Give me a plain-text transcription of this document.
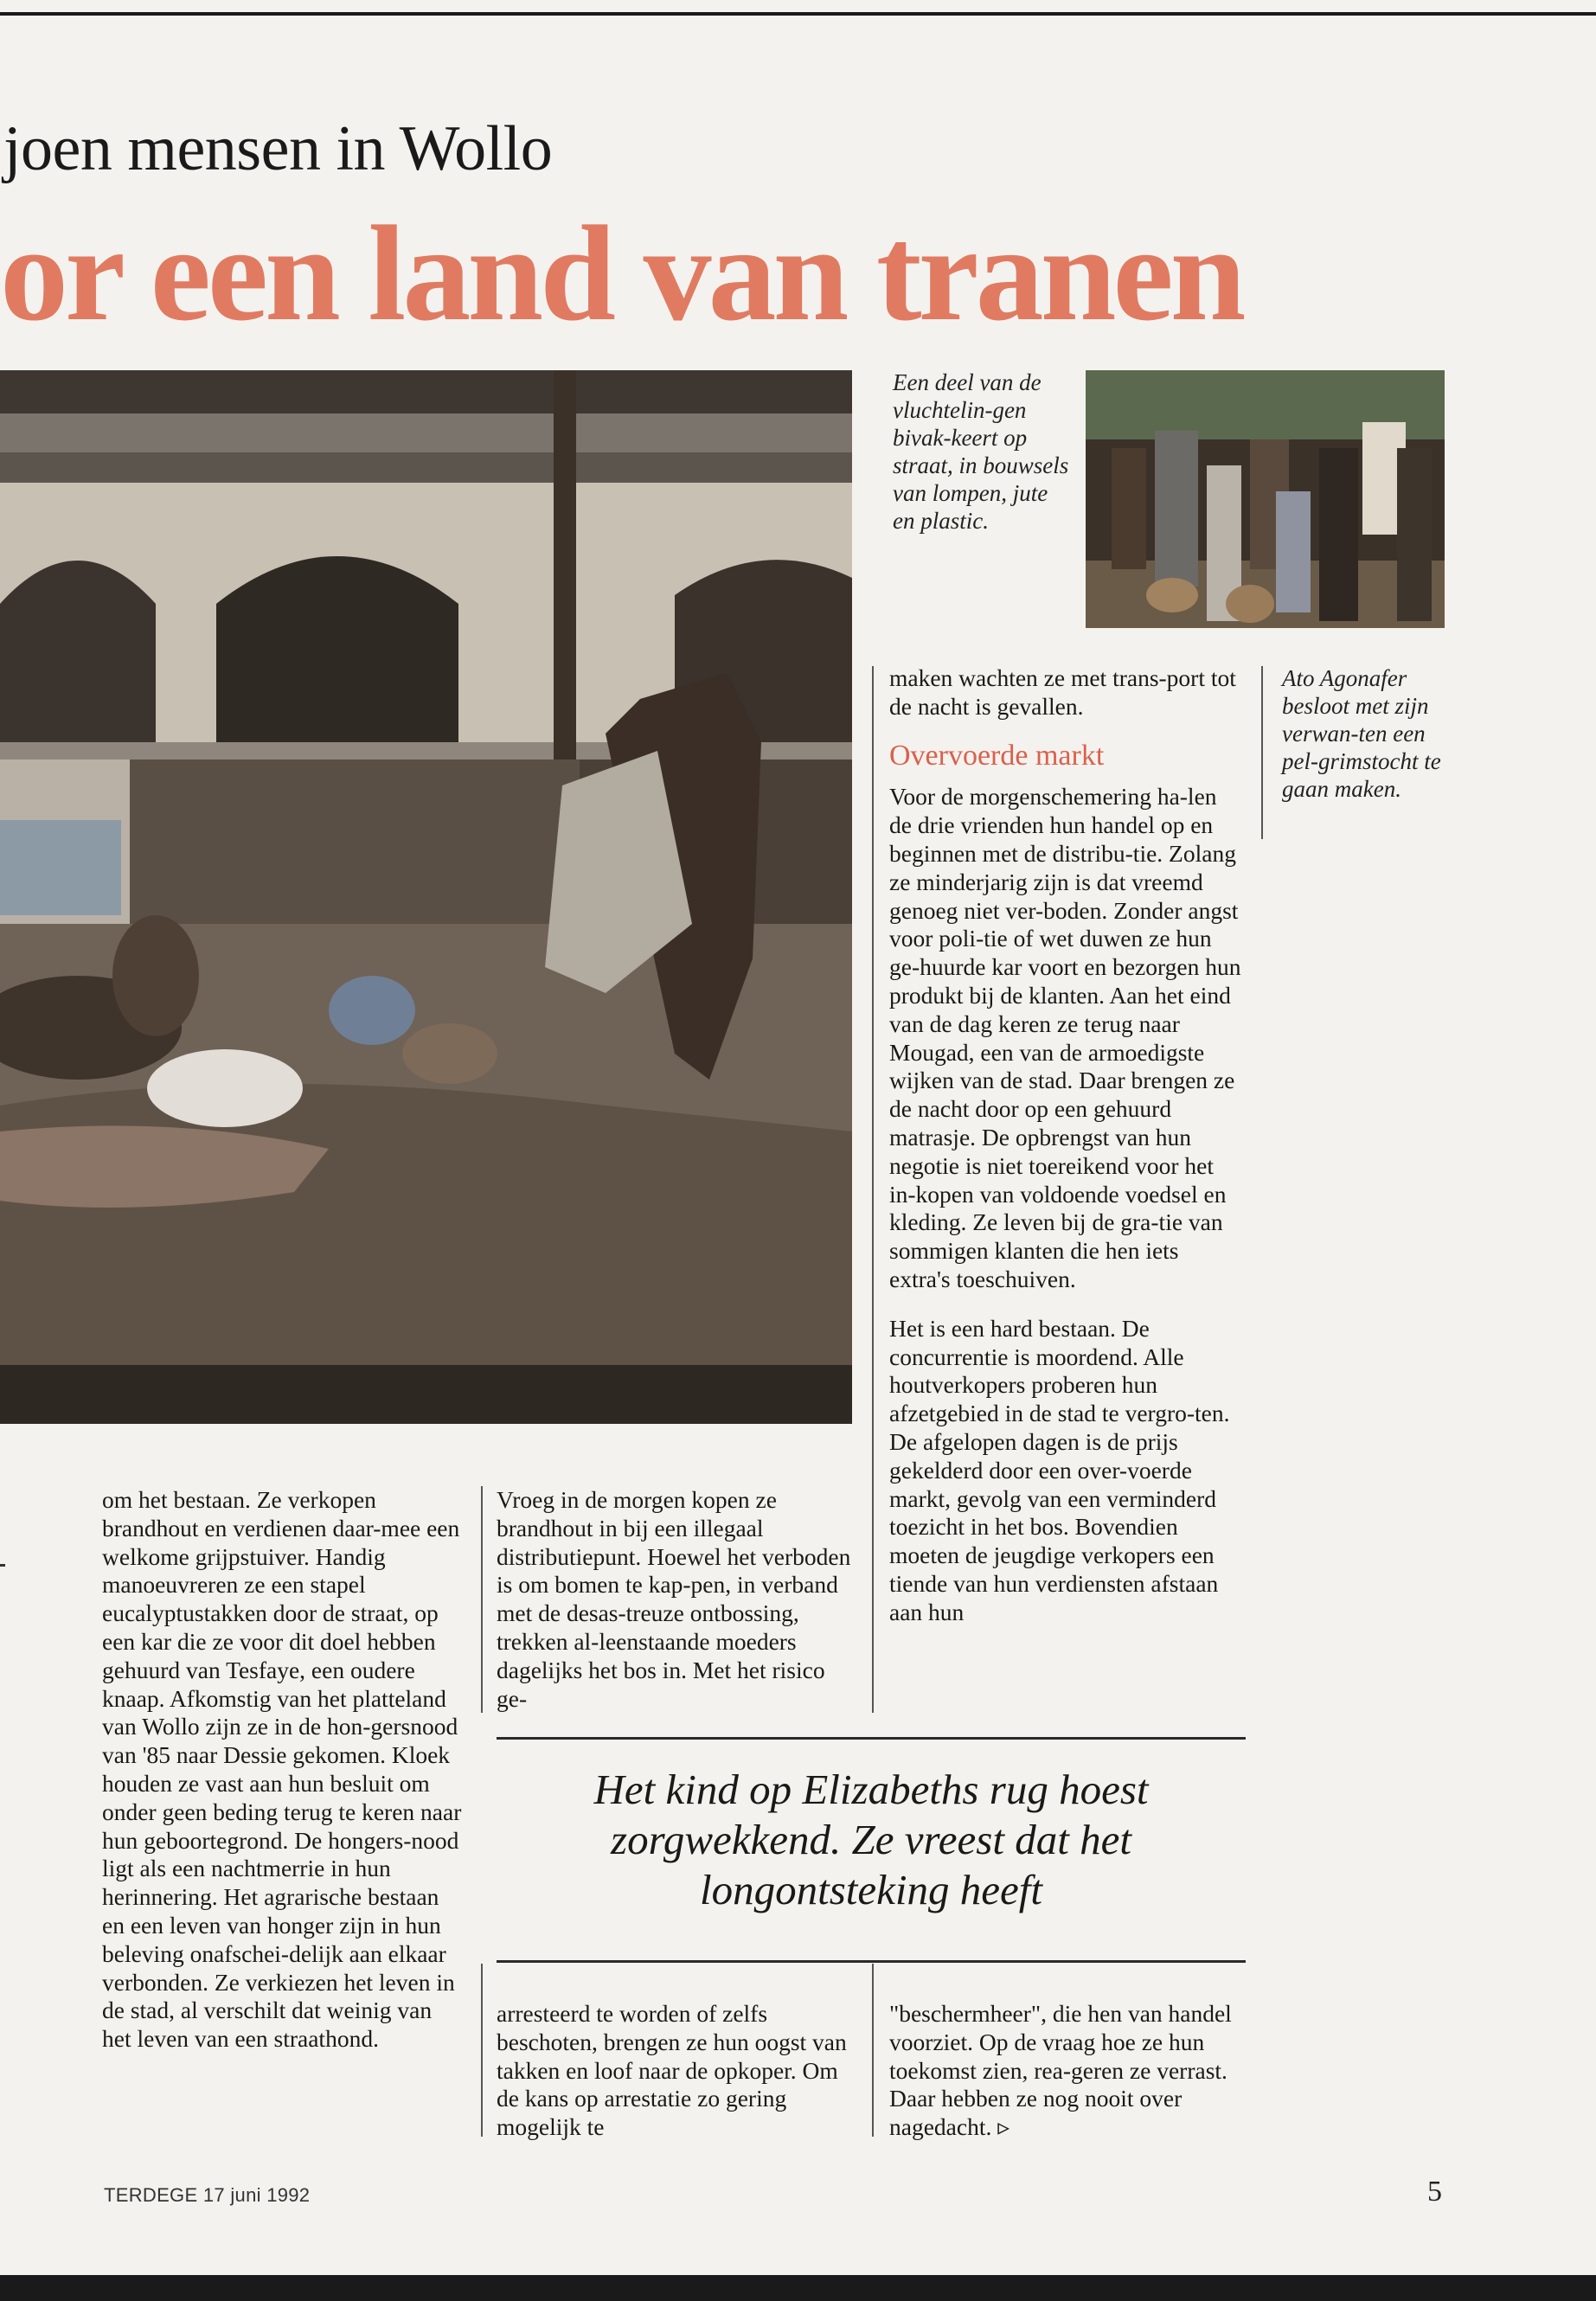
joen mensen in Wollo
or een land van tranen
Een deel van de vluchtelin-gen bivak-keert op straat, in bouwsels van lompen, jute en plastic.
Ato Agonafer besloot met zijn verwan-ten een pel-grimstocht te gaan maken.

maken wachten ze met trans-port tot de nacht is gevallen.

Overvoerde markt

Voor de morgenschemering ha-len de drie vrienden hun handel op en beginnen met de distribu-tie. Zolang ze minderjarig zijn is dat vreemd genoeg niet ver-boden. Zonder angst voor poli-tie of wet duwen ze hun ge-huurde kar voort en bezorgen hun produkt bij de klanten. Aan het eind van de dag keren ze terug naar Mougad, een van de armoedigste wijken van de stad. Daar brengen ze de nacht door op een gehuurd matrasje. De opbrengst van hun negotie is niet toereikend voor het in-kopen van voldoende voedsel en kleding. Ze leven bij de gra-tie van sommigen klanten die hen iets extra's toeschuiven.

Het is een hard bestaan. De concurrentie is moordend. Alle houtverkopers proberen hun afzetgebied in de stad te vergro-ten. De afgelopen dagen is de prijs gekelderd door een over-voerde markt, gevolg van een verminderd toezicht in het bos. Bovendien moeten de jeugdige verkopers een tiende van hun verdiensten afstaan aan hun

om het bestaan. Ze verkopen brandhout en verdienen daar-mee een welkome grijpstuiver. Handig manoeuvreren ze een stapel eucalyptustakken door de straat, op een kar die ze voor dit doel hebben gehuurd van Tesfaye, een oudere knaap. Afkomstig van het platteland van Wollo zijn ze in de hon-gersnood van '85 naar Dessie gekomen. Kloek houden ze vast aan hun besluit om onder geen beding terug te keren naar hun geboortegrond. De hongers-nood ligt als een nachtmerrie in hun herinnering. Het agrarische bestaan en een leven van honger zijn in hun beleving onafschei-delijk aan elkaar verbonden. Ze verkiezen het leven in de stad, al verschilt dat weinig van het leven van een straathond.

Vroeg in de morgen kopen ze brandhout in bij een illegaal distributiepunt. Hoewel het verboden is om bomen te kap-pen, in verband met de desas-treuze ontbossing, trekken al-leenstaande moeders dagelijks het bos in. Met het risico ge-

Het kind op Elizabeths rug hoest zorgwekkend. Ze vreest dat het longontsteking heeft

arresteerd te worden of zelfs beschoten, brengen ze hun oogst van takken en loof naar de opkoper. Om de kans op arrestatie zo gering mogelijk te

"beschermheer", die hen van handel voorziet. Op de vraag hoe ze hun toekomst zien, rea-geren ze verrast. Daar hebben ze nog nooit over nagedacht. ▹

TERDEGE 17 juni 1992	5
